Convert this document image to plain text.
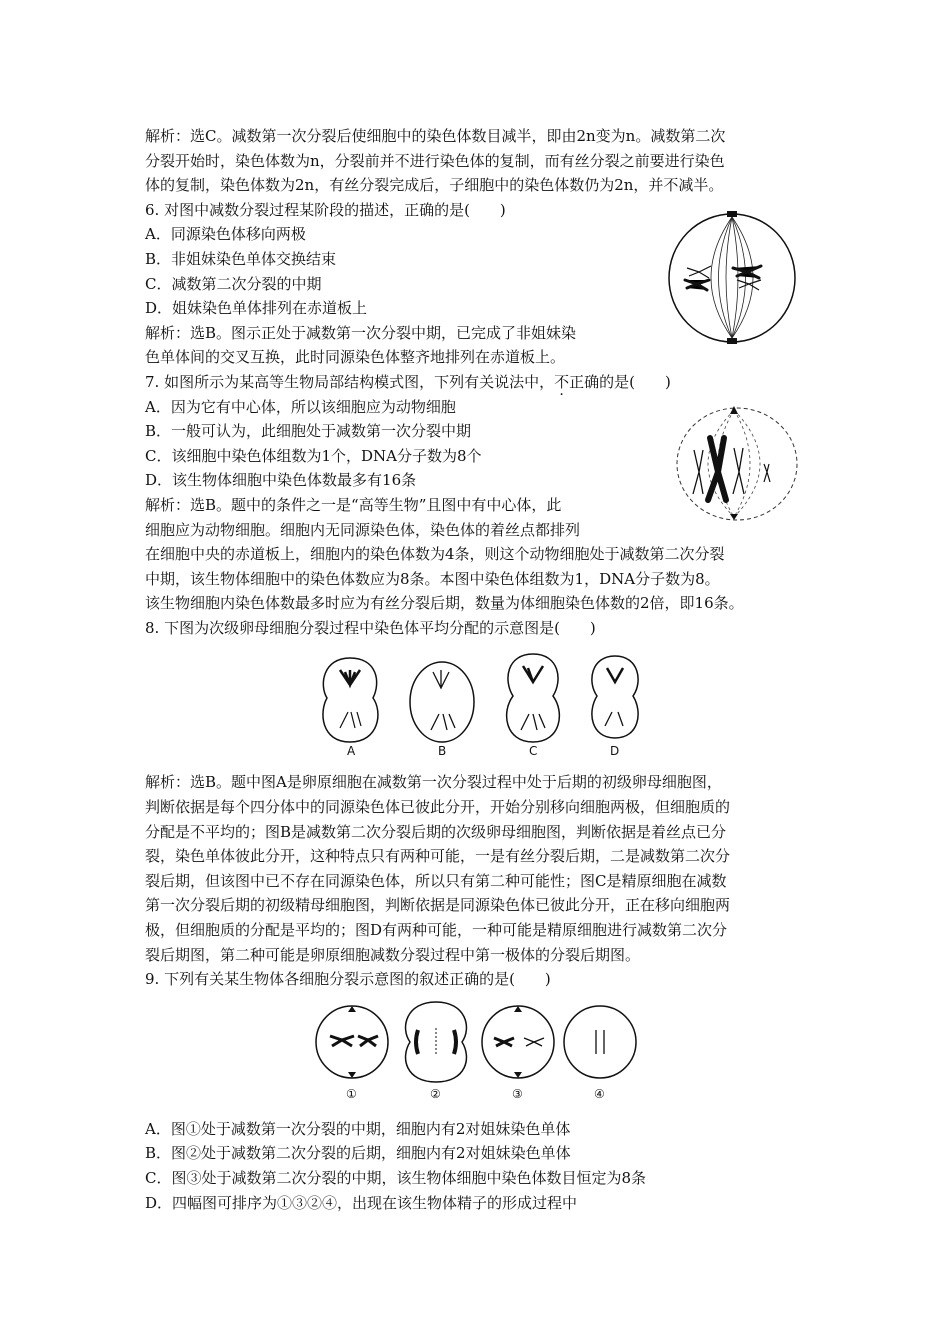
解析：选C。减数第一次分裂后使细胞中的染色体数目减半，即由2n变为n。减数第二次
分裂开始时，染色体数为n，分裂前并不进行染色体的复制，而有丝分裂之前要进行染色
体的复制，染色体数为2n，有丝分裂完成后，子细胞中的染色体数仍为2n，并不减半。
6. 对图中减数分裂过程某阶段的描述，正确的是(　　)
A．同源染色体移向两极
B．非姐妹染色单体交换结束
C．减数第二次分裂的中期
D．姐妹染色单体排列在赤道板上
解析：选B。图示正处于减数第一次分裂中期，已完成了非姐妹染
色单体间的交叉互换，此时同源染色体整齐地排列在赤道板上。
7. 如图所示为某高等生物局部结构模式图，下列有关说法中，不正确的是(　　)
A．因为它有中心体，所以该细胞应为动物细胞
B．一般可认为，此细胞处于减数第一次分裂中期
C．该细胞中染色体组数为1个，DNA分子数为8个
D．该生物体细胞中染色体数最多有16条
解析：选B。题中的条件之一是“高等生物”且图中有中心体，此
细胞应为动物细胞。细胞内无同源染色体，染色体的着丝点都排列
在细胞中央的赤道板上，细胞内的染色体数为4条，则这个动物细胞处于减数第二次分裂
中期，该生物体细胞中的染色体数应为8条。本图中染色体组数为1，DNA分子数为8。
该生物细胞内染色体数最多时应为有丝分裂后期，数量为体细胞染色体数的2倍，即16条。
8. 下图为次级卵母细胞分裂过程中染色体平均分配的示意图是(　　)
解析：选B。题中图A是卵原细胞在减数第一次分裂过程中处于后期的初级卵母细胞图，
判断依据是每个四分体中的同源染色体已彼此分开，开始分别移向细胞两极，但细胞质的
分配是不平均的；图B是减数第二次分裂后期的次级卵母细胞图，判断依据是着丝点已分
裂，染色单体彼此分开，这种特点只有两种可能，一是有丝分裂后期，二是减数第二次分
裂后期，但该图中已不存在同源染色体，所以只有第二种可能性；图C是精原细胞在减数
第一次分裂后期的初级精母细胞图，判断依据是同源染色体已彼此分开，正在移向细胞两
极，但细胞质的分配是平均的；图D有两种可能，一种可能是精原细胞进行减数第二次分
裂后期图，第二种可能是卵原细胞减数分裂过程中第一极体的分裂后期图。
9. 下列有关某生物体各细胞分裂示意图的叙述正确的是(　　)
A．图①处于减数第一次分裂的中期，细胞内有2对姐妹染色单体
B．图②处于减数第二次分裂的后期，细胞内有2对姐妹染色单体
C．图③处于减数第二次分裂的中期，该生物体细胞中染色体数目恒定为8条
D．四幅图可排序为①③②④，出现在该生物体精子的形成过程中
A	B	C	D
①	②	③	④
